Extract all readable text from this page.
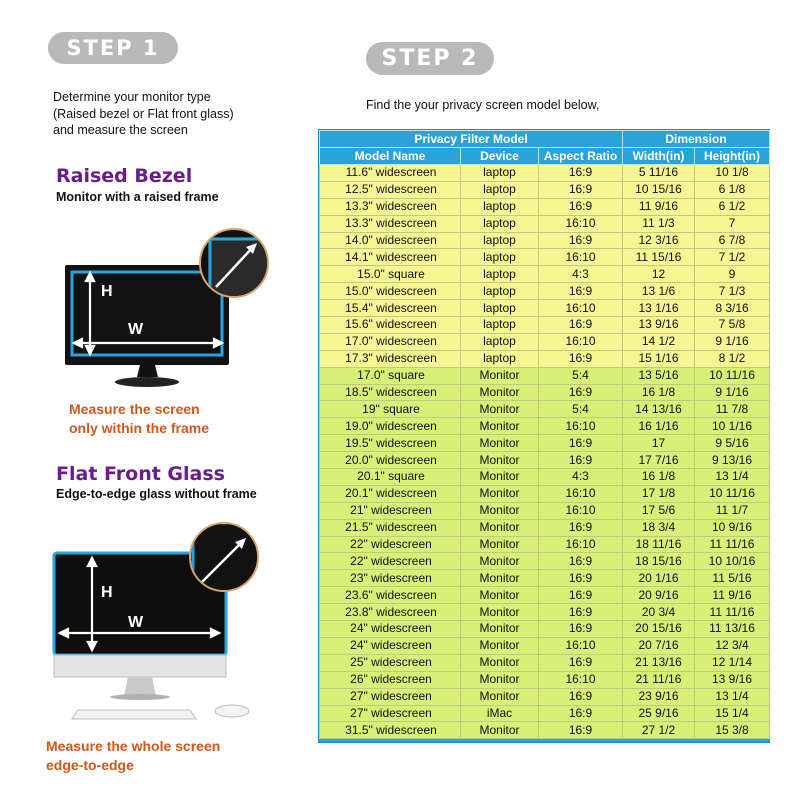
STEP 1	STEP 2
Determine your monitor type
(Raised bezel or Flat front glass)
and measure the screen
Find the your privacy screen model below,
Raised Bezel
Monitor with a raised frame
H
W
Measure the screen
only within the frame
Flat Front Glass
Edge-to-edge glass without frame
H
W
Measure the whole screen
edge-to-edge
Privacy Filter Model			Dimension	
Model Name	Device	Aspect Ratio	Width(in)	Height(in)
11.6" widescreen	laptop	16:9	5 11/16	10 1/8
12.5" widescreen	laptop	16:9	10 15/16	6 1/8
13.3" widescreen	laptop	16:9	11 9/16	6 1/2
13.3" widescreen	laptop	16:10	11 1/3	7
14.0" widescreen	laptop	16:9	12 3/16	6 7/8
14.1" widescreen	laptop	16:10	11 15/16	7 1/2
15.0" square	laptop	4:3	12	9
15.0" widescreen	laptop	16:9	13 1/6	7 1/3
15.4" widescreen	laptop	16:10	13 1/16	8 3/16
15.6" widescreen	laptop	16:9	13 9/16	7 5/8
17.0" widescreen	laptop	16:10	14 1/2	9 1/16
17.3" widescreen	laptop	16:9	15 1/16	8 1/2
17.0" square	Monitor	5:4	13 5/16	10 11/16
18.5" widescreen	Monitor	16:9	16 1/8	9 1/16
19" square	Monitor	5:4	14 13/16	11 7/8
19.0" widescreen	Monitor	16:10	16 1/16	10 1/16
19.5" widescreen	Monitor	16:9	17	9 5/16
20.0" widescreen	Monitor	16:9	17 7/16	9 13/16
20.1" square	Monitor	4:3	16 1/8	13 1/4
20.1" widescreen	Monitor	16:10	17 1/8	10 11/16
21" widescreen	Monitor	16:10	17 5/6	11 1/7
21.5" widescreen	Monitor	16:9	18 3/4	10 9/16
22" widescreen	Monitor	16:10	18 11/16	11 11/16
22" widescreen	Monitor	16:9	18 15/16	10 10/16
23" widescreen	Monitor	16:9	20 1/16	11 5/16
23.6" widescreen	Monitor	16:9	20 9/16	11 9/16
23.8" widescreen	Monitor	16:9	20 3/4	11 11/16
24" widescreen	Monitor	16:9	20 15/16	11 13/16
24" widescreen	Monitor	16:10	20 7/16	12 3/4
25" widescreen	Monitor	16:9	21 13/16	12 1/14
26" widescreen	Monitor	16:10	21 11/16	13 9/16
27" widescreen	Monitor	16:9	23 9/16	13 1/4
27" widescreen	iMac	16:9	25 9/16	15 1/4
31.5" widescreen	Monitor	16:9	27 1/2	15 3/8
